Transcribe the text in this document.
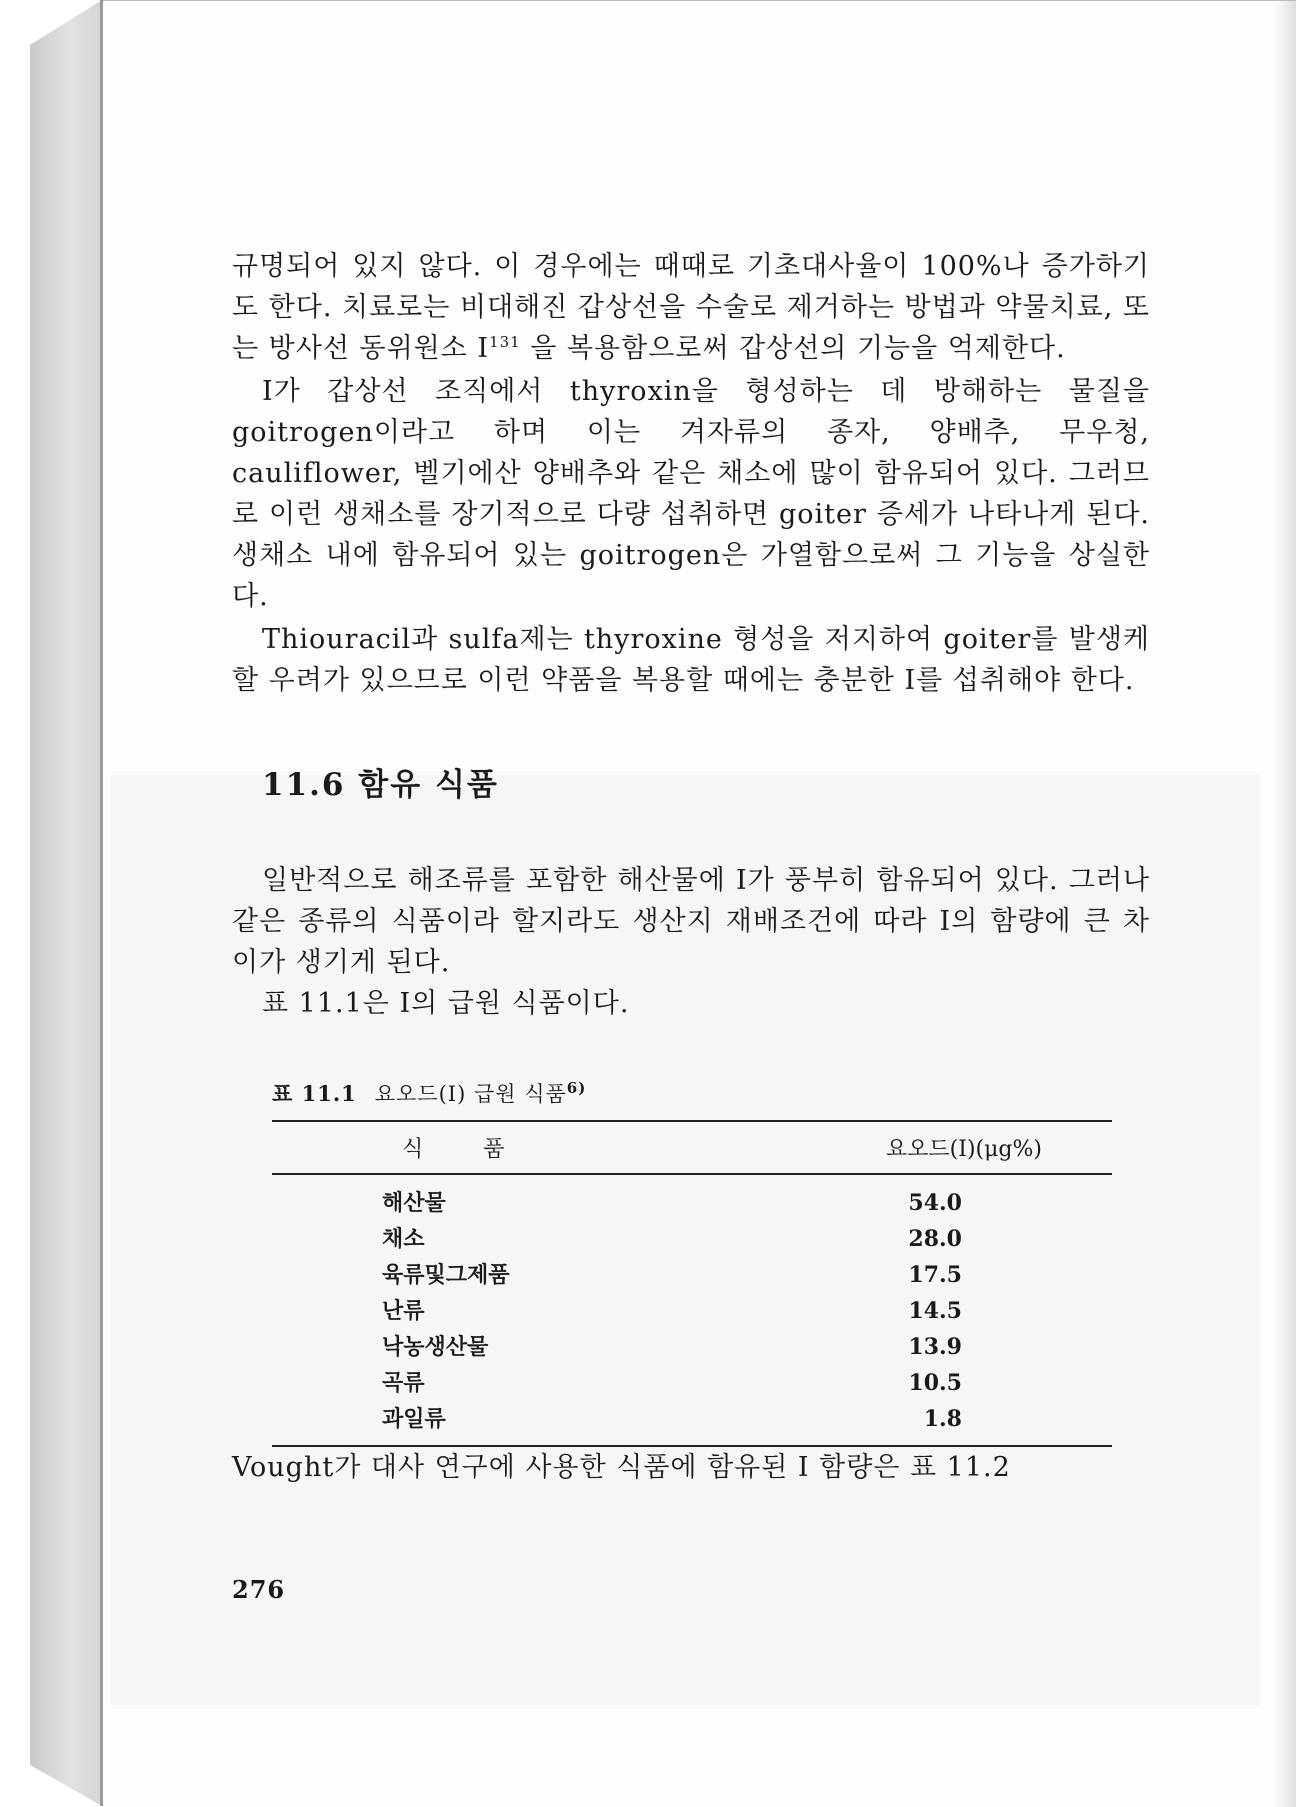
규명되어 있지 않다. 이 경우에는 때때로 기초대사율이 100%나 증가하기도 한다. 치료로는 비대해진 갑상선을 수술로 제거하는 방법과 약물치료, 또는 방사선 동위원소 $I^{131}$ 을 복용함으로써 갑상선의 기능을 억제한다.

I가 갑상선 조직에서 thyroxin을 형성하는 데 방해하는 물질을 goitrogen이라고 하며 이는 겨자류의 종자, 양배추, 무우청, cauliflower, 벨기에산 양배추와 같은 채소에 많이 함유되어 있다. 그러므로 이런 생채소를 장기적으로 다량 섭취하면 goiter 증세가 나타나게 된다. 생채소 내에 함유되어 있는 goitrogen은 가열함으로써 그 기능을 상실한다.

Thiouracil과 sulfa제는 thyroxine 형성을 저지하여 goiter를 발생케할 우려가 있으므로 이런 약품을 복용할 때에는 충분한 I를 섭취해야 한다.

11.6 함유 식품

일반적으로 해조류를 포함한 해산물에 I가 풍부히 함유되어 있다. 그러나 같은 종류의 식품이라 할지라도 생산지 재배조건에 따라 I의 함량에 큰 차이가 생기게 된다.

표 11.1은 I의 급원 식품이다.

표 11.1 요오드(I) 급원 식품$^{6)}$
식품	요오드(I)(μg%)
해산물	54.0
채소	28.0
육류및그제품	17.5
난류	14.5
낙농생산물	13.9
곡류	10.5
과일류	1.8

Vought가 대사 연구에 사용한 식품에 함유된 I 함량은 표 11.2

276
